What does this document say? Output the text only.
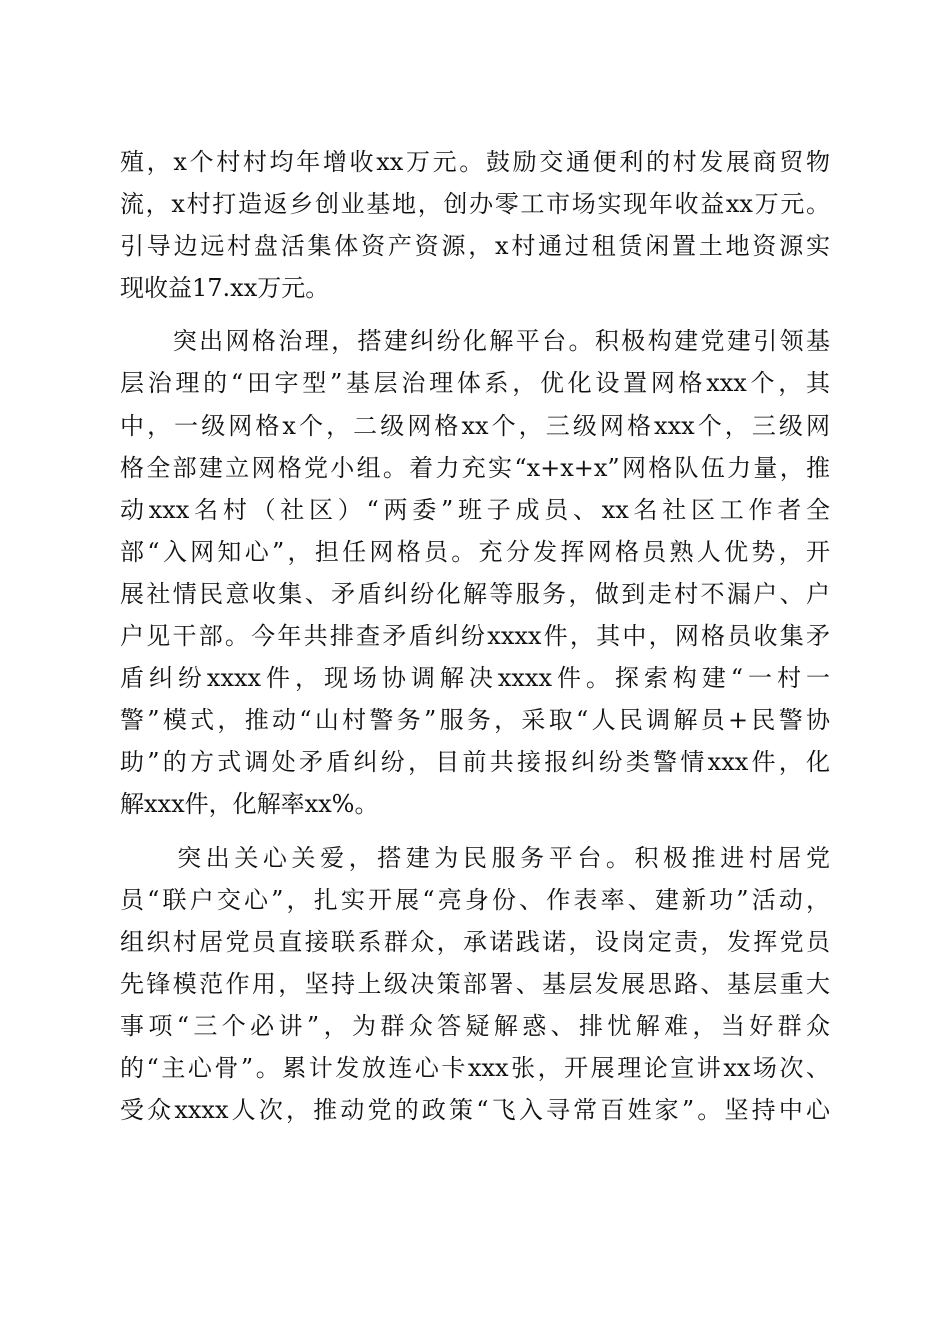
殖，x个村村均年增收xx万元。鼓励交通便利的村发展商贸物
流，x村打造返乡创业基地，创办零工市场实现年收益xx万元。
引导边远村盘活集体资产资源，x村通过租赁闲置土地资源实
现收益17.xx万元。
　　突出网格治理，搭建纠纷化解平台。积极构建党建引领基
层治理的“田字型”基层治理体系，优化设置网格xxx个，其
中，一级网格x个，二级网格xx个，三级网格xxx个，三级网
格全部建立网格党小组。着力充实“x+x+x”网格队伍力量，推
动xxx名村（社区）“两委”班子成员、xx名社区工作者全
部“入网知心”，担任网格员。充分发挥网格员熟人优势，开
展社情民意收集、矛盾纠纷化解等服务，做到走村不漏户、户
户见干部。今年共排查矛盾纠纷xxxx件，其中，网格员收集矛
盾纠纷xxxx件，现场协调解决xxxx件。探索构建“一村一
警”模式，推动“山村警务”服务，采取“人民调解员+民警协
助”的方式调处矛盾纠纷，目前共接报纠纷类警情xxx件，化
解xxx件，化解率xx%。
　　突出关心关爱，搭建为民服务平台。积极推进村居党
员“联户交心”，扎实开展“亮身份、作表率、建新功”活动，
组织村居党员直接联系群众，承诺践诺，设岗定责，发挥党员
先锋模范作用，坚持上级决策部署、基层发展思路、基层重大
事项“三个必讲”，为群众答疑解惑、排忧解难，当好群众
的“主心骨”。累计发放连心卡xxx张，开展理论宣讲xx场次、
受众xxxx人次，推动党的政策“飞入寻常百姓家”。坚持中心
